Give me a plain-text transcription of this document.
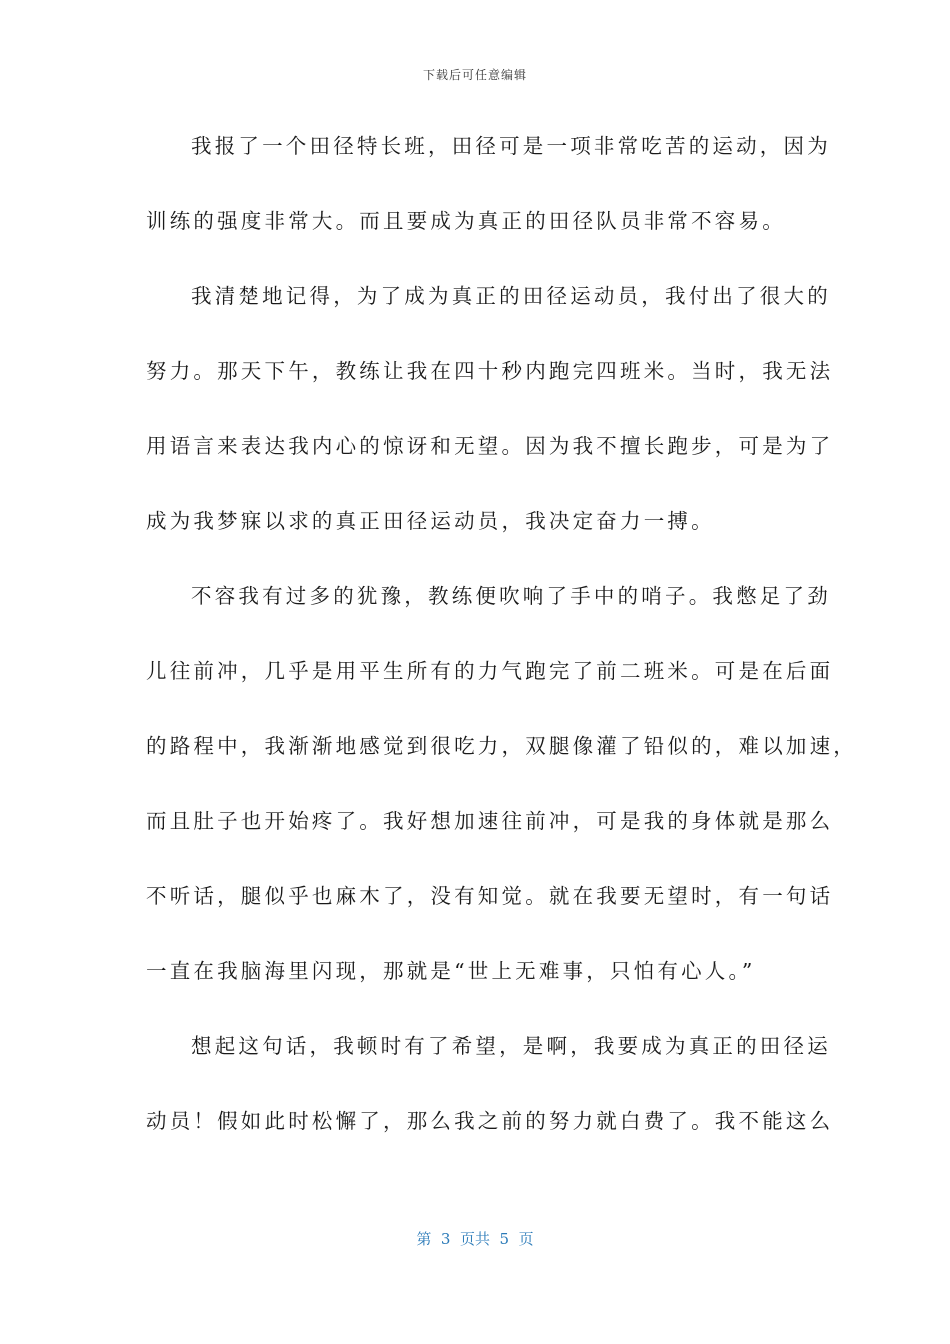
下载后可任意编辑
我报了一个田径特长班，田径可是一项非常吃苦的运动，因为
训练的强度非常大。而且要成为真正的田径队员非常不容易。
我清楚地记得，为了成为真正的田径运动员，我付出了很大的
努力。那天下午，教练让我在四十秒内跑完四班米。当时，我无法
用语言来表达我内心的惊讶和无望。因为我不擅长跑步，可是为了
成为我梦寐以求的真正田径运动员，我决定奋力一搏。
不容我有过多的犹豫，教练便吹响了手中的哨子。我憋足了劲
儿往前冲，几乎是用平生所有的力气跑完了前二班米。可是在后面
的路程中，我渐渐地感觉到很吃力，双腿像灌了铅似的，难以加速，
而且肚子也开始疼了。我好想加速往前冲，可是我的身体就是那么
不听话，腿似乎也麻木了，没有知觉。就在我要无望时，有一句话
一直在我脑海里闪现，那就是“世上无难事，只怕有心人。”
想起这句话，我顿时有了希望，是啊，我要成为真正的田径运
动员！假如此时松懈了，那么我之前的努力就白费了。我不能这么
第  3  页共  5  页
